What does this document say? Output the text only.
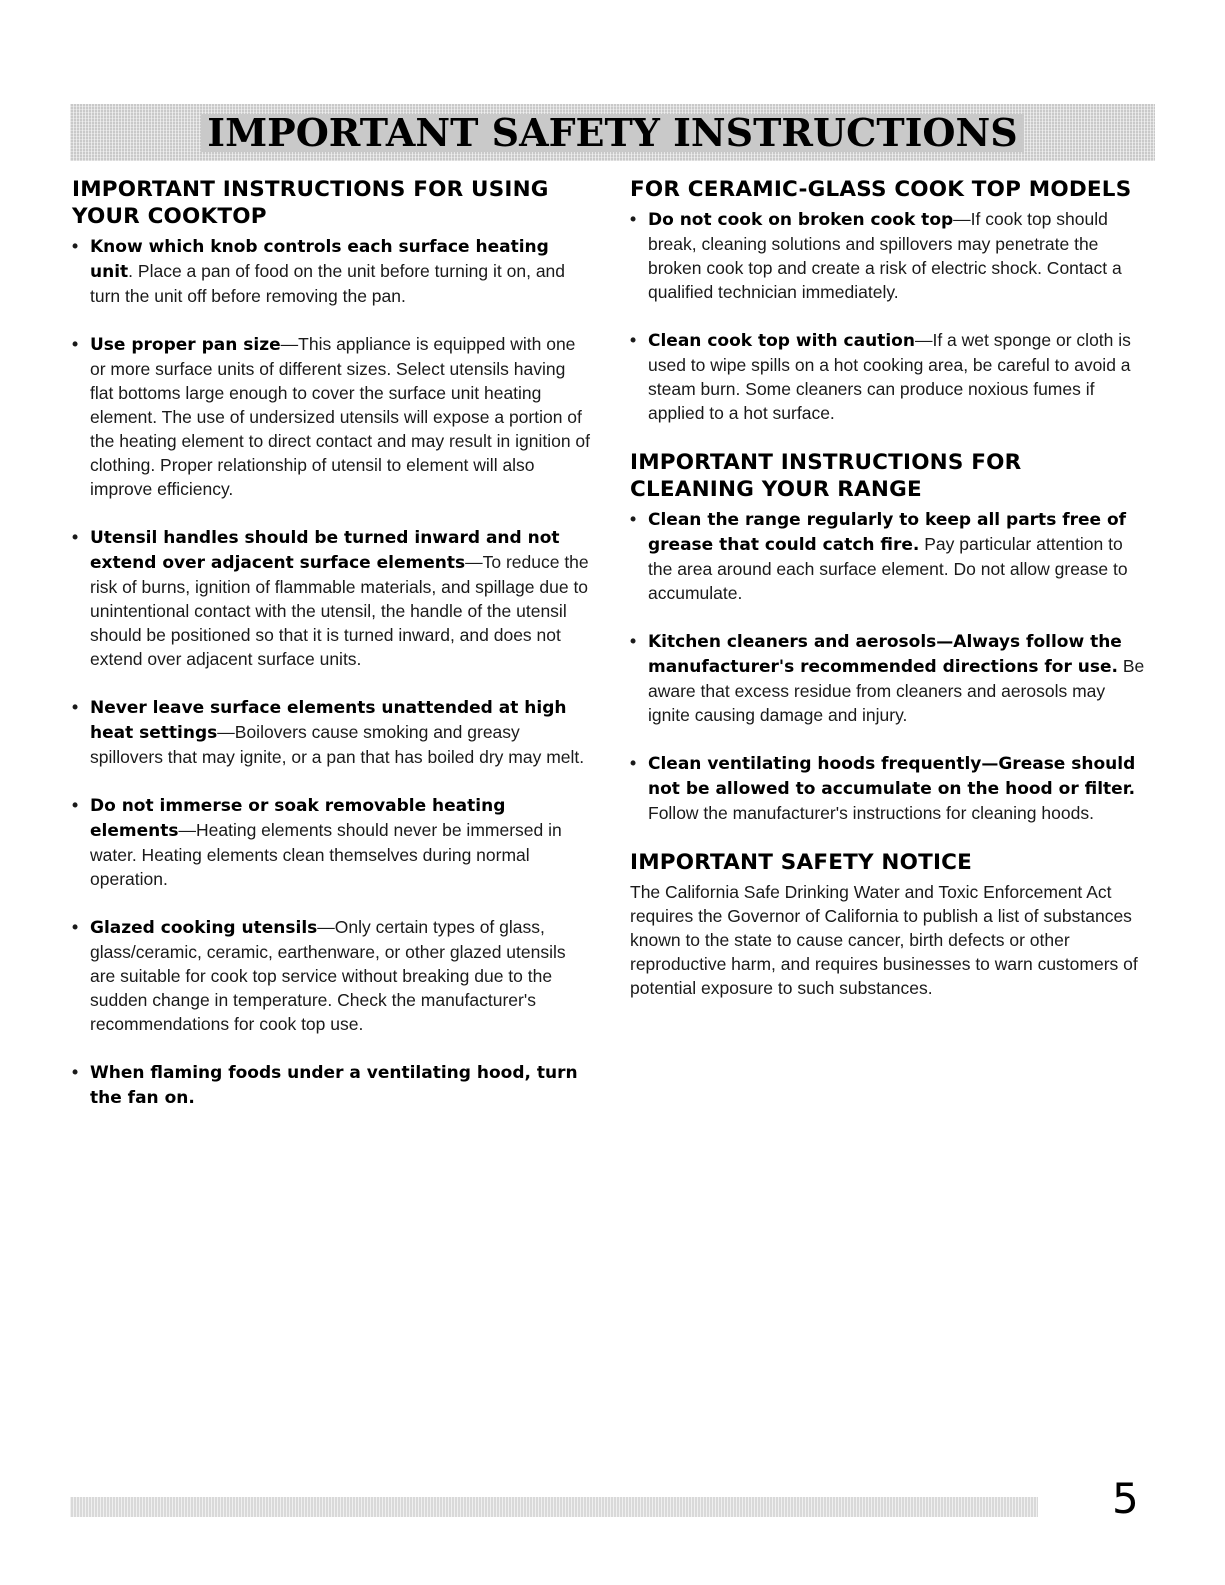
IMPORTANT SAFETY INSTRUCTIONS
IMPORTANT INSTRUCTIONS FOR USING YOUR COOKTOP

• Know which knob controls each surface heating unit. Place a pan of food on the unit before turning it on, and turn the unit off before removing the pan.

• Use proper pan size—This appliance is equipped with one or more surface units of different sizes. Select utensils having flat bottoms large enough to cover the surface unit heating element. The use of undersized utensils will expose a portion of the heating element to direct contact and may result in ignition of clothing. Proper relationship of utensil to element will also improve efficiency.

• Utensil handles should be turned inward and not extend over adjacent surface elements—To reduce the risk of burns, ignition of flammable materials, and spillage due to unintentional contact with the utensil, the handle of the utensil should be positioned so that it is turned inward, and does not extend over adjacent surface units.

• Never leave surface elements unattended at high heat settings—Boilovers cause smoking and greasy spillovers that may ignite, or a pan that has boiled dry may melt.

• Do not immerse or soak removable heating elements—Heating elements should never be immersed in water. Heating elements clean themselves during normal operation.

• Glazed cooking utensils—Only certain types of glass, glass/ceramic, ceramic, earthenware, or other glazed utensils are suitable for cook top service without breaking due to the sudden change in temperature. Check the manufacturer's recommendations for cook top use.

• When flaming foods under a ventilating hood, turn the fan on.

FOR CERAMIC-GLASS COOK TOP MODELS

• Do not cook on broken cook top—If cook top should break, cleaning solutions and spillovers may penetrate the broken cook top and create a risk of electric shock. Contact a qualified technician immediately.

• Clean cook top with caution—If a wet sponge or cloth is used to wipe spills on a hot cooking area, be careful to avoid a steam burn. Some cleaners can produce noxious fumes if applied to a hot surface.

IMPORTANT INSTRUCTIONS FOR CLEANING YOUR RANGE

• Clean the range regularly to keep all parts free of grease that could catch fire. Pay particular attention to the area around each surface element. Do not allow grease to accumulate.

• Kitchen cleaners and aerosols—Always follow the manufacturer's recommended directions for use. Be aware that excess residue from cleaners and aerosols may ignite causing damage and injury.

• Clean ventilating hoods frequently—Grease should not be allowed to accumulate on the hood or filter. Follow the manufacturer's instructions for cleaning hoods.

IMPORTANT SAFETY NOTICE

The California Safe Drinking Water and Toxic Enforcement Act requires the Governor of California to publish a list of substances known to the state to cause cancer, birth defects or other reproductive harm, and requires businesses to warn customers of potential exposure to such substances.

5
